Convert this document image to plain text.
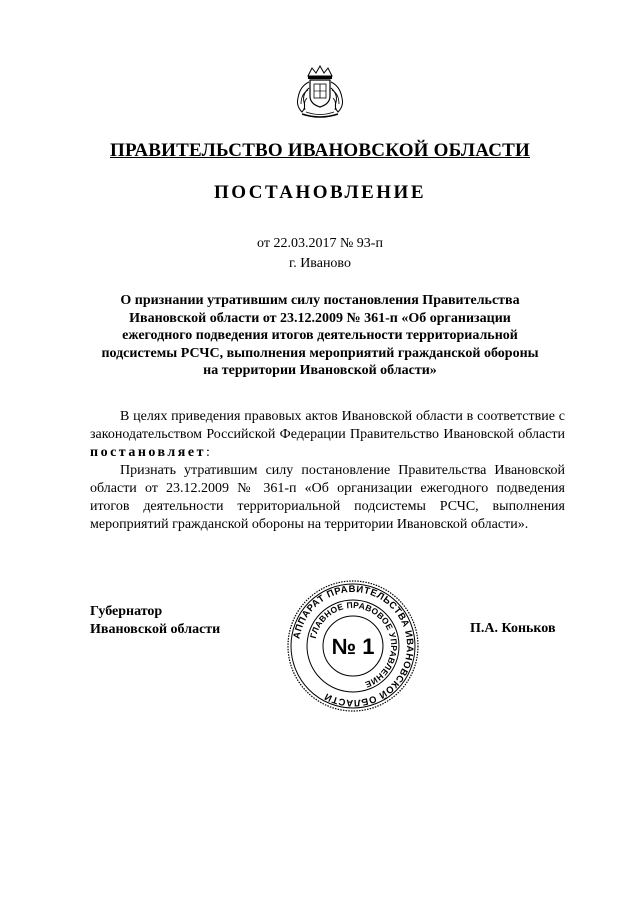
ПРАВИТЕЛЬСТВО ИВАНОВСКОЙ ОБЛАСТИ
ПОСТАНОВЛЕНИЕ
от 22.03.2017 № 93-п
г. Иваново
О признании утратившим силу постановления Правительства Ивановской области от 23.12.2009 № 361-п «Об организации ежегодного подведения итогов деятельности территориальной подсистемы РСЧС, выполнения мероприятий гражданской обороны на территории Ивановской области»

В целях приведения правовых актов Ивановской области в соответствие с законодательством Российской Федерации Правительство Ивановской области постановляет:

Признать утратившим силу постановление Правительства Ивановской области от 23.12.2009 № 361-п «Об организации ежегодного подведения итогов деятельности территориальной подсистемы РСЧС, выполнения мероприятий гражданской обороны на территории Ивановской области».

Губернатор
Ивановской области	П.А. Коньков
АППАРАТ ПРАВИТЕЛЬСТВА ИВАНОВСКОЙ ОБЛАСТИ
ГЛАВНОЕ ПРАВОВОЕ УПРАВЛЕНИЕ
№ 1
